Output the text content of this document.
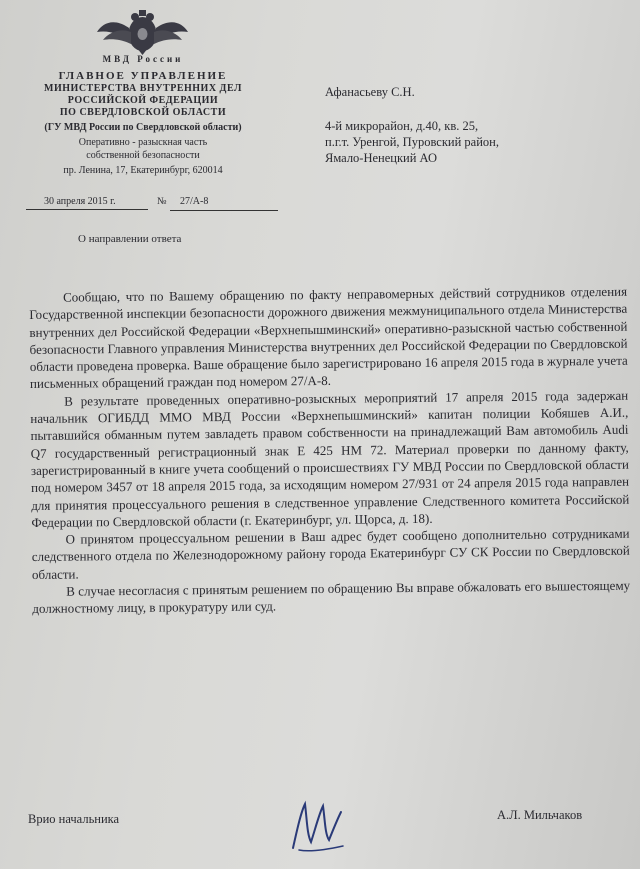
МВД России
ГЛАВНОЕ УПРАВЛЕНИЕ
МИНИСТЕРСТВА ВНУТРЕННИХ ДЕЛ
РОССИЙСКОЙ ФЕДЕРАЦИИ
ПО СВЕРДЛОВСКОЙ ОБЛАСТИ
(ГУ МВД России по Свердловской области)
Оперативно - разыскная часть
собственной безопасности
пр. Ленина, 17, Екатеринбург, 620014
30 апреля 2015 г.	№ 27/А-8
О направлении ответа
Афанасьеву С.Н.
4-й микрорайон, д.40, кв. 25,
п.г.т. Уренгой, Пуровский район,
Ямало-Ненецкий АО

Сообщаю, что по Вашему обращению по факту неправомерных действий сотрудников отделения Государственной инспекции безопасности дорожного движения межмуниципального отдела Министерства внутренних дел Российской Федерации «Верхнепышминский» оперативно-разыскной частью собственной безопасности Главного управления Министерства внутренних дел Российской Федерации по Свердловской области проведена проверка. Ваше обращение было зарегистрировано 16 апреля 2015 года в журнале учета письменных обращений граждан под номером 27/А-8.

В результате проведенных оперативно-розыскных мероприятий 17 апреля 2015 года задержан начальник ОГИБДД ММО МВД России «Верхнепышминский» капитан полиции Кобяшев А.И., пытавшийся обманным путем завладеть правом собственности на принадлежащий Вам автомобиль Audi Q7 государственный регистрационный знак Е 425 НМ 72. Материал проверки по данному факту, зарегистрированный в книге учета сообщений о происшествиях ГУ МВД России по Свердловской области под номером 3457 от 18 апреля 2015 года, за исходящим номером 27/931 от 24 апреля 2015 года направлен для принятия процессуального решения в следственное управление Следственного комитета Российской Федерации по Свердловской области (г. Екатеринбург, ул. Щорса, д. 18).

О принятом процессуальном решении в Ваш адрес будет сообщено дополнительно сотрудниками следственного отдела по Железнодорожному району города Екатеринбург СУ СК России по Свердловской области.

В случае несогласия с принятым решением по обращению Вы вправе обжаловать его вышестоящему должностному лицу, в прокуратуру или суд.

Врио начальника	А.Л. Мильчаков
